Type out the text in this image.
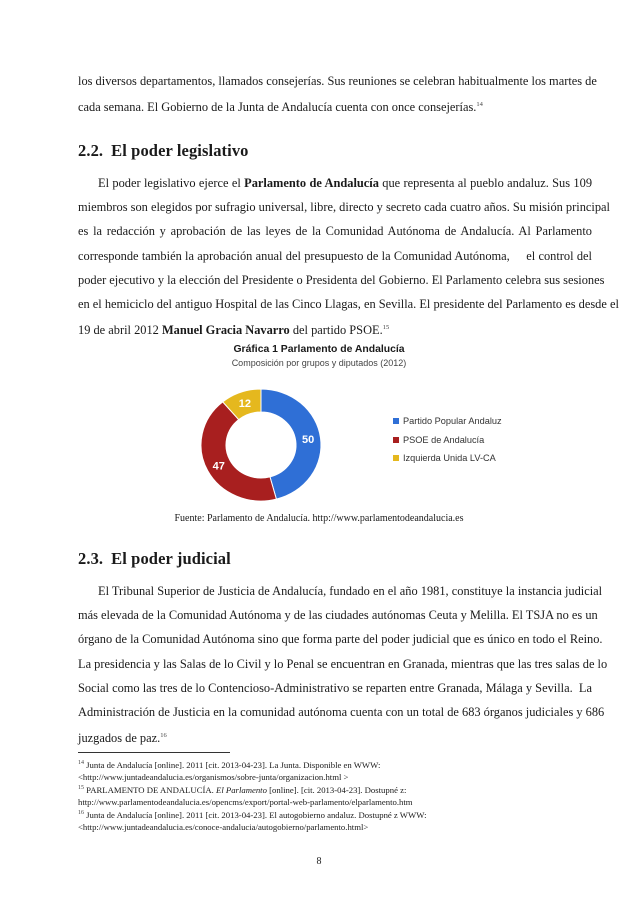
los diversos departamentos, llamados consejerías. Sus reuniones se celebran habitualmente los martes de
cada semana. El Gobierno de la Junta de Andalucía cuenta con once consejerías.$^{14}$
2.2. El poder legislativo
El poder legislativo ejerce el Parlamento de Andalucía que representa al pueblo andaluz. Sus 109
miembros son elegidos por sufragio universal, libre, directo y secreto cada cuatro años. Su misión principal
es la redacción y aprobación de las leyes de la Comunidad Autónoma de Andalucía. Al Parlamento
corresponde también la aprobación anual del presupuesto de la Comunidad Autónoma,     el control del
poder ejecutivo y la elección del Presidente o Presidenta del Gobierno. El Parlamento celebra sus sesiones
en el hemiciclo del antiguo Hospital de las Cinco Llagas, en Sevilla. El presidente del Parlamento es desde el
19 de abril 2012 Manuel Gracia Navarro del partido PSOE.$^{15}$
Gráfica 1 Parlamento de Andalucía
Composición por grupos y diputados (2012)
50
47
12
Partido Popular Andaluz
PSOE de Andalucía
Izquierda Unida LV-CA
Fuente: Parlamento de Andalucía. http://www.parlamentodeandalucia.es
2.3. El poder judicial
El Tribunal Superior de Justicia de Andalucía, fundado en el año 1981, constituye la instancia judicial
más elevada de la Comunidad Autónoma y de las ciudades autónomas Ceuta y Melilla. El TSJA no es un
órgano de la Comunidad Autónoma sino que forma parte del poder judicial que es único en todo el Reino.
La presidencia y las Salas de lo Civil y lo Penal se encuentran en Granada, mientras que las tres salas de lo
Social como las tres de lo Contencioso-Administrativo se reparten entre Granada, Málaga y Sevilla.  La
Administración de Justicia en la comunidad autónoma cuenta con un total de 683 órganos judiciales y 686
juzgados de paz.$^{16}$
$^{14}$ Junta de Andalucía [online]. 2011 [cit. 2013-04-23]. La Junta. Disponible en WWW:
<http://www.juntadeandalucia.es/organismos/sobre-junta/organizacion.html >
$^{15}$ PARLAMENTO DE ANDALUCÍA. El Parlamento [online]. [cit. 2013-04-23]. Dostupné z:
http://www.parlamentodeandalucia.es/opencms/export/portal-web-parlamento/elparlamento.htm
$^{16}$ Junta de Andalucía [online]. 2011 [cit. 2013-04-23]. El autogobierno andaluz. Dostupné z WWW:
<http://www.juntadeandalucia.es/conoce-andalucia/autogobierno/parlamento.html>
8
